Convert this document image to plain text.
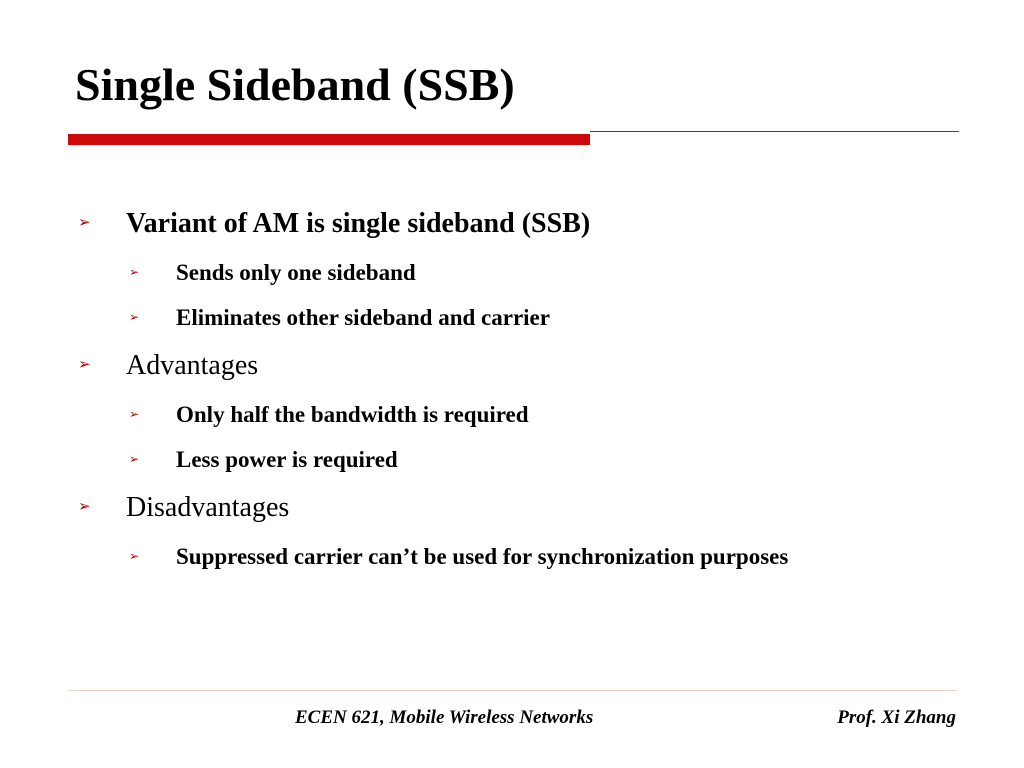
Single Sideband (SSB)
➢ Variant of AM is single sideband (SSB)
➢ Sends only one sideband
➢ Eliminates other sideband and carrier
➢ Advantages
➢ Only half the bandwidth is required
➢ Less power is required
➢ Disadvantages
➢ Suppressed carrier can’t be used for synchronization purposes
ECEN 621, Mobile Wireless Networks	Prof. Xi Zhang
